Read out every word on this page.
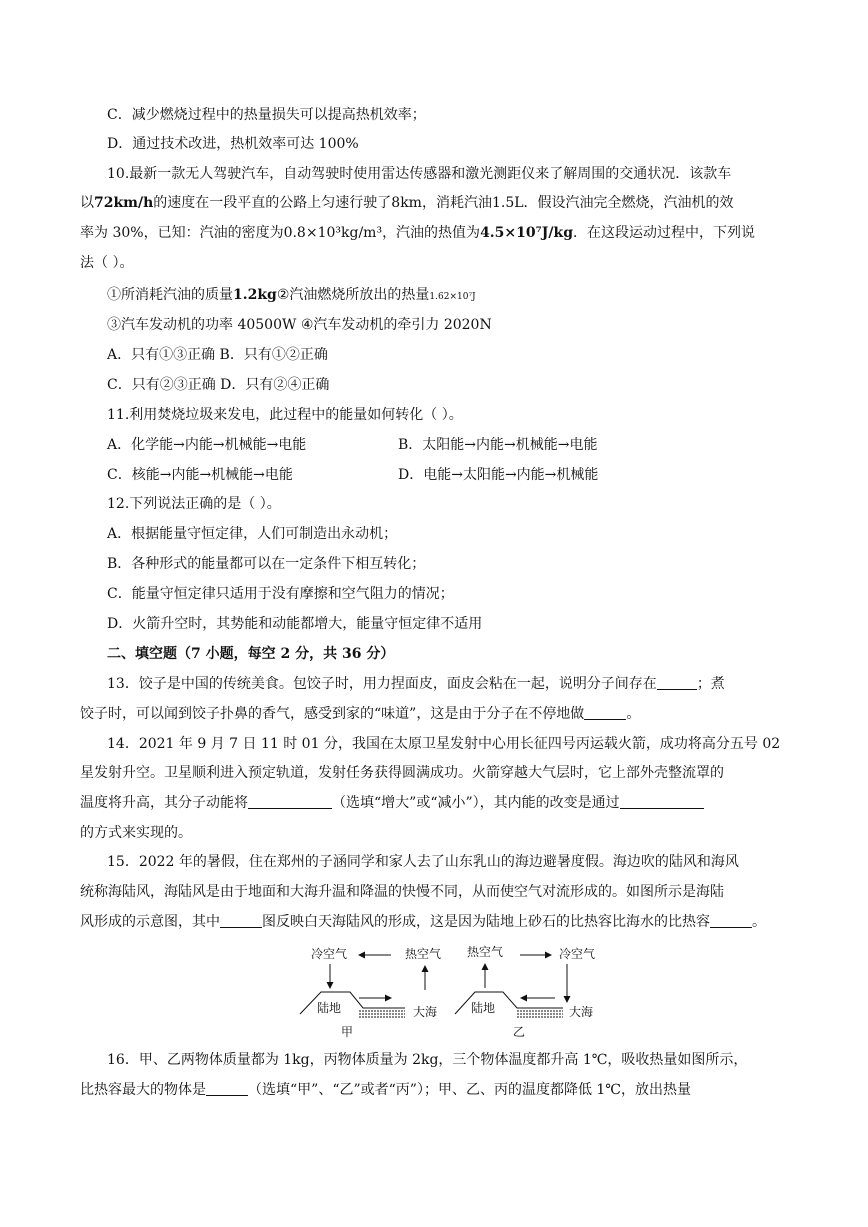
C．减少燃烧过程中的热量损失可以提高热机效率；
D．通过技术改进，热机效率可达 100%
10.最新一款无人驾驶汽车，自动驾驶时使用雷达传感器和激光测距仪来了解周围的交通状况．该款车
以72km/h的速度在一段平直的公路上匀速行驶了8km，消耗汽油1.5L．假设汽油完全燃烧，汽油机的效
率为 30%，已知：汽油的密度为0.8×10³kg/m³，汽油的热值为4.5×10⁷J/kg．在这段运动过程中，下列说
法（ ）。
①所消耗汽油的质量1.2kg②汽油燃烧所放出的热量1.62×10⁷J
③汽车发动机的功率 40500W ④汽车发动机的牵引力 2020N
A．只有①③正确 B．只有①②正确
C．只有②③正确 D．只有②④正确
11.利用焚烧垃圾来发电，此过程中的能量如何转化（ ）。
A．化学能→内能→机械能→电能	B．太阳能→内能→机械能→电能
C．核能→内能→机械能→电能	D．电能→太阳能→内能→机械能
12.下列说法正确的是（ ）。
A．根据能量守恒定律，人们可制造出永动机；
B．各种形式的能量都可以在一定条件下相互转化；
C．能量守恒定律只适用于没有摩擦和空气阻力的情况；
D．火箭升空时，其势能和动能都增大，能量守恒定律不适用
二、填空题（7 小题，每空 2 分，共 36 分）
13．饺子是中国的传统美食。包饺子时，用力捏面皮，面皮会粘在一起，说明分子间存在	；煮
饺子时，可以闻到饺子扑鼻的香气，感受到家的“味道”，这是由于分子在不停地做	。
14．2021 年 9 月 7 日 11 时 01 分，我国在太原卫星发射中心用长征四号丙运载火箭，成功将高分五号 02
星发射升空。卫星顺利进入预定轨道，发射任务获得圆满成功。火箭穿越大气层时，它上部外壳整流罩的
温度将升高，其分子动能将	（选填“增大”或“减小”），其内能的改变是通过
的方式来实现的。
15．2022 年的暑假，住在郑州的子涵同学和家人去了山东乳山的海边避暑度假。海边吹的陆风和海风
统称海陆风，海陆风是由于地面和大海升温和降温的快慢不同，从而使空气对流形成的。如图所示是海陆
风形成的示意图，其中	图反映白天海陆风的形成，这是因为陆地上砂石的比热容比海水的比热容	。
冷空气	热空气
陆地	大海
甲
热空气	冷空气
陆地	大海
乙
16．甲、乙两物体质量都为 1kg，丙物体质量为 2kg，三个物体温度都升高 1℃，吸收热量如图所示，
比热容最大的物体是	（选填“甲”、“乙”或者“丙”）；甲、乙、丙的温度都降低 1℃，放出热量
